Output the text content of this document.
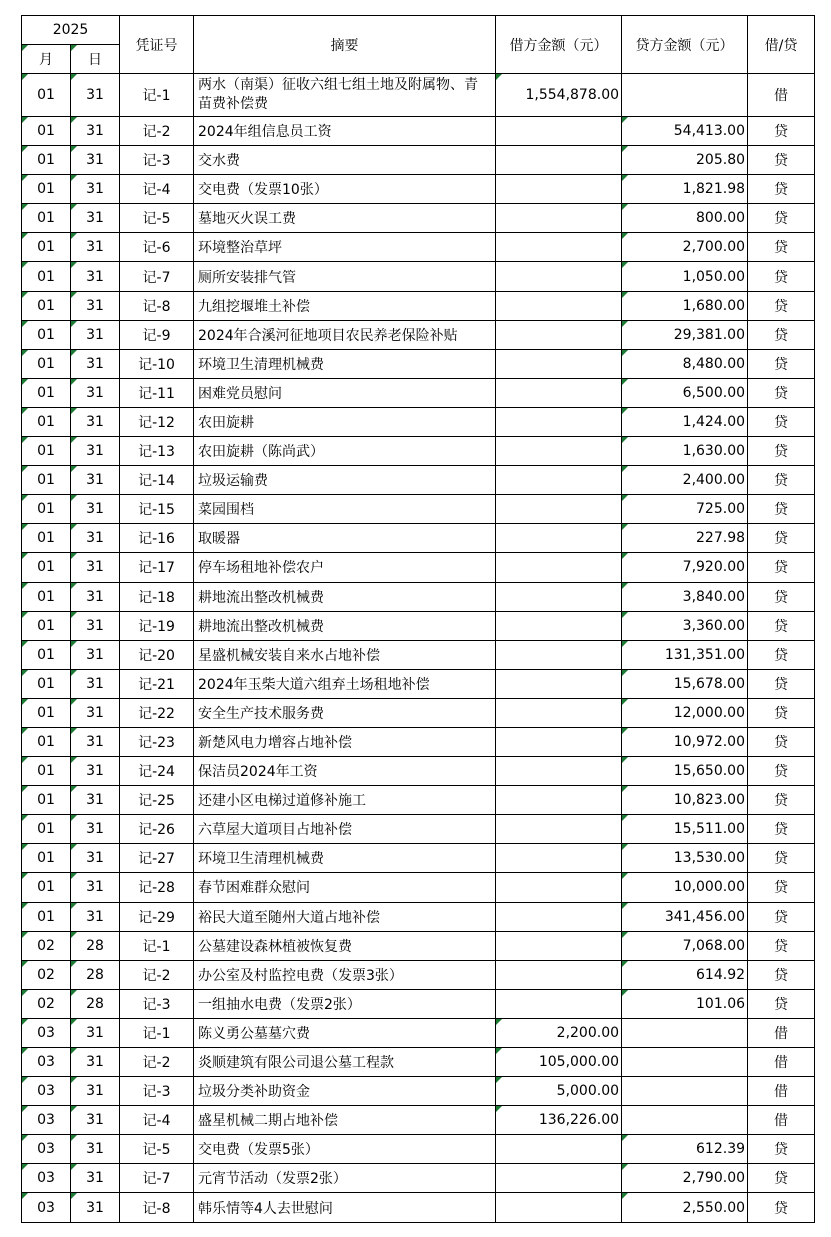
2025		凭证号	摘要	借方金额（元）	贷方金额（元）	借/贷
月	日					
01	31	记-1	两水（南渠）征收六组七组土地及附属物、青苗费补偿费	1,554,878.00		借
01	31	记-2	2024年组信息员工资		54,413.00	贷
01	31	记-3	交水费		205.80	贷
01	31	记-4	交电费（发票10张）		1,821.98	贷
01	31	记-5	墓地灭火误工费		800.00	贷
01	31	记-6	环境整治草坪		2,700.00	贷
01	31	记-7	厕所安装排气管		1,050.00	贷
01	31	记-8	九组挖堰堆土补偿		1,680.00	贷
01	31	记-9	2024年合溪河征地项目农民养老保险补贴		29,381.00	贷
01	31	记-10	环境卫生清理机械费		8,480.00	贷
01	31	记-11	困难党员慰问		6,500.00	贷
01	31	记-12	农田旋耕		1,424.00	贷
01	31	记-13	农田旋耕（陈尚武）		1,630.00	贷
01	31	记-14	垃圾运输费		2,400.00	贷
01	31	记-15	菜园围档		725.00	贷
01	31	记-16	取暖器		227.98	贷
01	31	记-17	停车场租地补偿农户		7,920.00	贷
01	31	记-18	耕地流出整改机械费		3,840.00	贷
01	31	记-19	耕地流出整改机械费		3,360.00	贷
01	31	记-20	星盛机械安装自来水占地补偿		131,351.00	贷
01	31	记-21	2024年玉柴大道六组弃土场租地补偿		15,678.00	贷
01	31	记-22	安全生产技术服务费		12,000.00	贷
01	31	记-23	新楚风电力增容占地补偿		10,972.00	贷
01	31	记-24	保洁员2024年工资		15,650.00	贷
01	31	记-25	还建小区电梯过道修补施工		10,823.00	贷
01	31	记-26	六草屋大道项目占地补偿		15,511.00	贷
01	31	记-27	环境卫生清理机械费		13,530.00	贷
01	31	记-28	春节困难群众慰问		10,000.00	贷
01	31	记-29	裕民大道至随州大道占地补偿		341,456.00	贷
02	28	记-1	公墓建设森林植被恢复费		7,068.00	贷
02	28	记-2	办公室及村监控电费（发票3张）		614.92	贷
02	28	记-3	一组抽水电费（发票2张）		101.06	贷
03	31	记-1	陈义勇公墓墓穴费	2,200.00		借
03	31	记-2	炎顺建筑有限公司退公墓工程款	105,000.00		借
03	31	记-3	垃圾分类补助资金	5,000.00		借
03	31	记-4	盛星机械二期占地补偿	136,226.00		借
03	31	记-5	交电费（发票5张）		612.39	贷
03	31	记-7	元宵节活动（发票2张）		2,790.00	贷
03	31	记-8	韩乐情等4人去世慰问		2,550.00	贷
